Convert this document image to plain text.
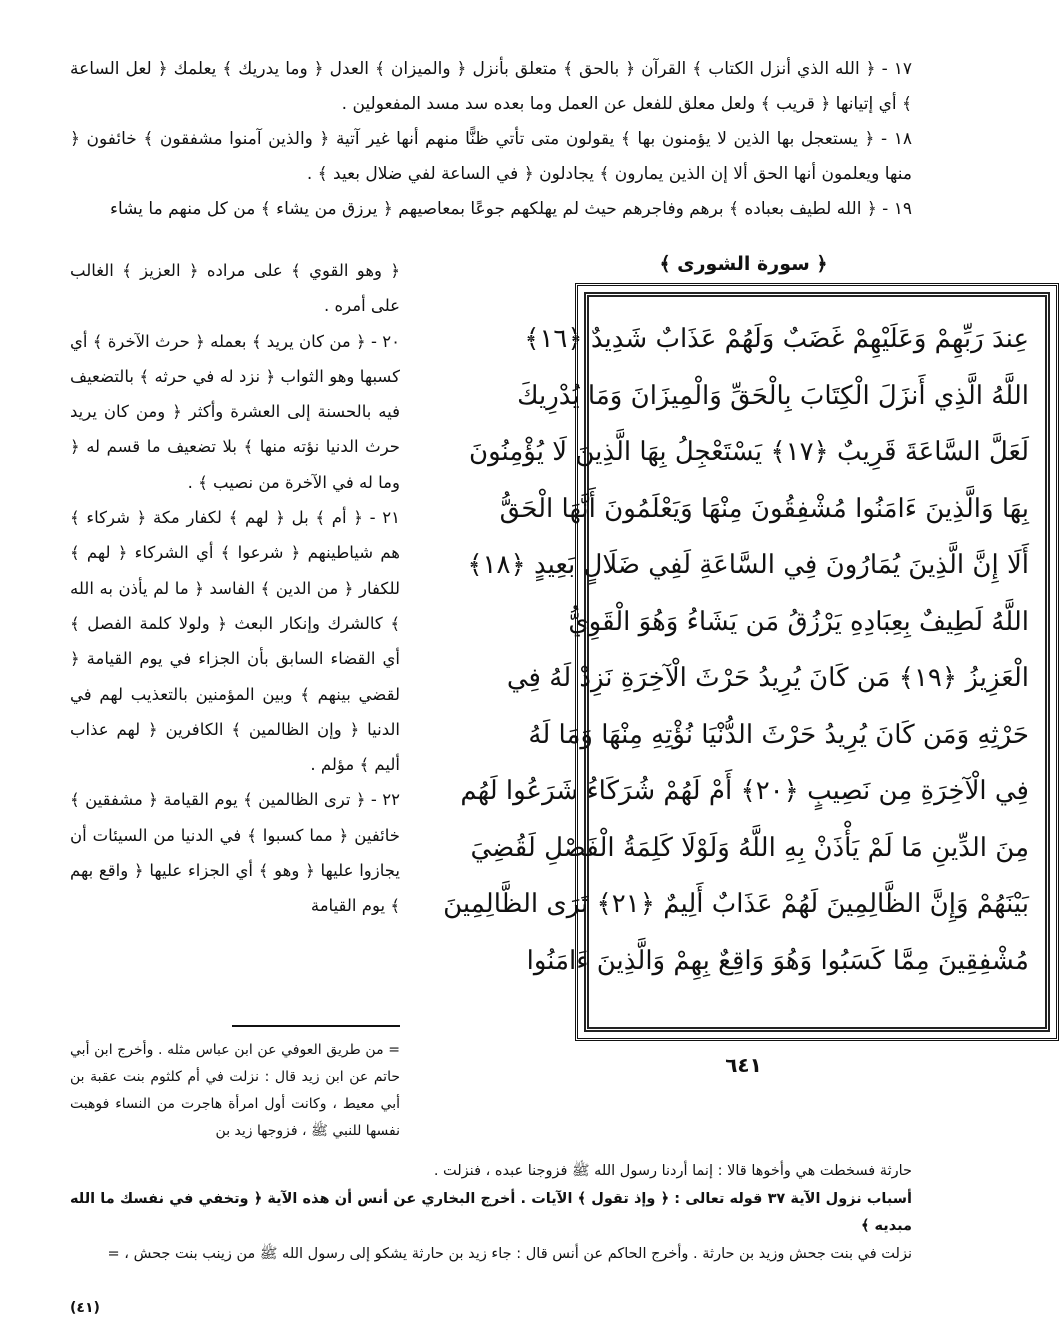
١٧ - ﴿ الله الذي أنزل الكتاب ﴾ القرآن ﴿ بالحق ﴾ متعلق بأنزل ﴿ والميزان ﴾ العدل ﴿ وما يدريك ﴾ يعلمك ﴿ لعل الساعة ﴾ أي إتيانها ﴿ قريب ﴾ ولعل معلق للفعل عن العمل وما بعده سد مسد المفعولين .

١٨ - ﴿ يستعجل بها الذين لا يؤمنون بها ﴾ يقولون متى تأتي ظنًّا منهم أنها غير آتية ﴿ والذين آمنوا مشفقون ﴾ خائفون ﴿ منها ويعلمون أنها الحق ألا إن الذين يمارون ﴾ يجادلون ﴿ في الساعة لفي ضلال بعيد ﴾ .

١٩ - ﴿ الله لطيف بعباده ﴾ برهم وفاجرهم حيث لم يهلكهم جوعًا بمعاصيهم ﴿ يرزق من يشاء ﴾ من كل منهم ما يشاء

﴿ سورة الشورى ﴾
عِندَ رَبِّهِمْ وَعَلَيْهِمْ غَضَبٌ وَلَهُمْ عَذَابٌ شَدِيدٌ ﴿١٦﴾
اللَّهُ الَّذِي أَنزَلَ الْكِتَابَ بِالْحَقِّ وَالْمِيزَانَ وَمَا يُدْرِيكَ
لَعَلَّ السَّاعَةَ قَرِيبٌ ﴿١٧﴾ يَسْتَعْجِلُ بِهَا الَّذِينَ لَا يُؤْمِنُونَ
بِهَا وَالَّذِينَ ءَامَنُوا مُشْفِقُونَ مِنْهَا وَيَعْلَمُونَ أَنَّهَا الْحَقُّ
أَلَا إِنَّ الَّذِينَ يُمَارُونَ فِي السَّاعَةِ لَفِي ضَلَالٍ بَعِيدٍ ﴿١٨﴾
اللَّهُ لَطِيفٌ بِعِبَادِهِ يَرْزُقُ مَن يَشَاءُ وَهُوَ الْقَوِيُّ
الْعَزِيزُ ﴿١٩﴾ مَن كَانَ يُرِيدُ حَرْثَ الْآخِرَةِ نَزِدْ لَهُ فِي
حَرْثِهِ وَمَن كَانَ يُرِيدُ حَرْثَ الدُّنْيَا نُؤْتِهِ مِنْهَا وَمَا لَهُ
فِي الْآخِرَةِ مِن نَصِيبٍ ﴿٢٠﴾ أَمْ لَهُمْ شُرَكَاءُ شَرَعُوا لَهُم
مِنَ الدِّينِ مَا لَمْ يَأْذَنْ بِهِ اللَّهُ وَلَوْلَا كَلِمَةُ الْفَصْلِ لَقُضِيَ
بَيْنَهُمْ وَإِنَّ الظَّالِمِينَ لَهُمْ عَذَابٌ أَلِيمٌ ﴿٢١﴾ تَرَى الظَّالِمِينَ
مُشْفِقِينَ مِمَّا كَسَبُوا وَهُوَ وَاقِعٌ بِهِمْ وَالَّذِينَ ءَامَنُوا
٦٤١

﴿ وهو القوي ﴾ على مراده ﴿ العزيز ﴾ الغالب على أمره .

٢٠ - ﴿ من كان يريد ﴾ بعمله ﴿ حرث الآخرة ﴾ أي كسبها وهو الثواب ﴿ نزد له في حرثه ﴾ بالتضعيف فيه بالحسنة إلى العشرة وأكثر ﴿ ومن كان يريد حرث الدنيا نؤته منها ﴾ بلا تضعيف ما قسم له ﴿ وما له في الآخرة من نصيب ﴾ .

٢١ - ﴿ أم ﴾ بل ﴿ لهم ﴾ لكفار مكة ﴿ شركاء ﴾ هم شياطينهم ﴿ شرعوا ﴾ أي الشركاء ﴿ لهم ﴾ للكفار ﴿ من الدين ﴾ الفاسد ﴿ ما لم يأذن به الله ﴾ كالشرك وإنكار البعث ﴿ ولولا كلمة الفصل ﴾ أي القضاء السابق بأن الجزاء في يوم القيامة ﴿ لقضي بينهم ﴾ وبين المؤمنين بالتعذيب لهم في الدنيا ﴿ وإن الظالمين ﴾ الكافرين ﴿ لهم عذاب أليم ﴾ مؤلم .

٢٢ - ﴿ ترى الظالمين ﴾ يوم القيامة ﴿ مشفقين ﴾ خائفين ﴿ مما كسبوا ﴾ في الدنيا من السيئات أن يجازوا عليها ﴿ وهو ﴾ أي الجزاء عليها ﴿ واقع بهم ﴾ يوم القيامة

= من طريق العوفي عن ابن عباس مثله . وأخرج ابن أبي حاتم عن ابن زيد قال : نزلت في أم كلثوم بنت عقبة بن أبي معيط ، وكانت أول امرأة هاجرت من النساء فوهبت نفسها للنبي ﷺ ، فزوجها زيد بن

حارثة فسخطت هي وأخوها قالا : إنما أردنا رسول الله ﷺ فزوجنا عبده ، فنزلت .

أسباب نزول الآية ٣٧ قوله تعالى : ﴿ وإذ تقول ﴾ الآيات . أخرج البخاري عن أنس أن هذه الآية ﴿ وتخفي في نفسك ما الله مبديه ﴾

نزلت في بنت جحش وزيد بن حارثة . وأخرج الحاكم عن أنس قال : جاء زيد بن حارثة يشكو إلى رسول الله ﷺ من زينب بنت جحش ، =

(٤١)
